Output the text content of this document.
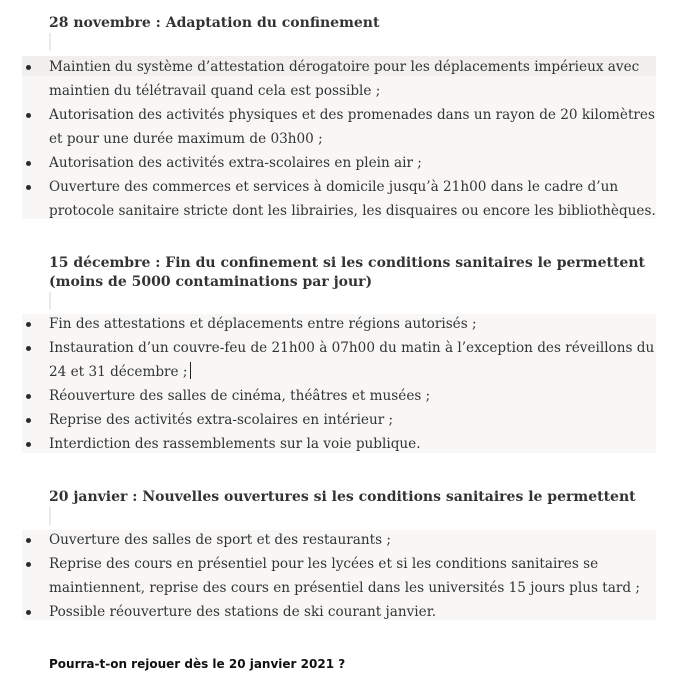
28 novembre : Adaptation du confinement
Maintien du système d’attestation dérogatoire pour les déplacements impérieux avec
maintien du télétravail quand cela est possible ;
Autorisation des activités physiques et des promenades dans un rayon de 20 kilomètres
et pour une durée maximum de 03h00 ;
Autorisation des activités extra-scolaires en plein air ;
Ouverture des commerces et services à domicile jusqu’à 21h00 dans le cadre d’un
protocole sanitaire stricte dont les librairies, les disquaires ou encore les bibliothèques.
15 décembre : Fin du confinement si les conditions sanitaires le permettent
(moins de 5000 contaminations par jour)
Fin des attestations et déplacements entre régions autorisés ;
Instauration d’un couvre-feu de 21h00 à 07h00 du matin à l’exception des réveillons du
24 et 31 décembre ;
Réouverture des salles de cinéma, théâtres et musées ;
Reprise des activités extra-scolaires en intérieur ;
Interdiction des rassemblements sur la voie publique.
20 janvier : Nouvelles ouvertures si les conditions sanitaires le permettent
Ouverture des salles de sport et des restaurants ;
Reprise des cours en présentiel pour les lycées et si les conditions sanitaires se
maintiennent, reprise des cours en présentiel dans les universités 15 jours plus tard ;
Possible réouverture des stations de ski courant janvier.
Pourra-t-on rejouer dès le 20 janvier 2021 ?
